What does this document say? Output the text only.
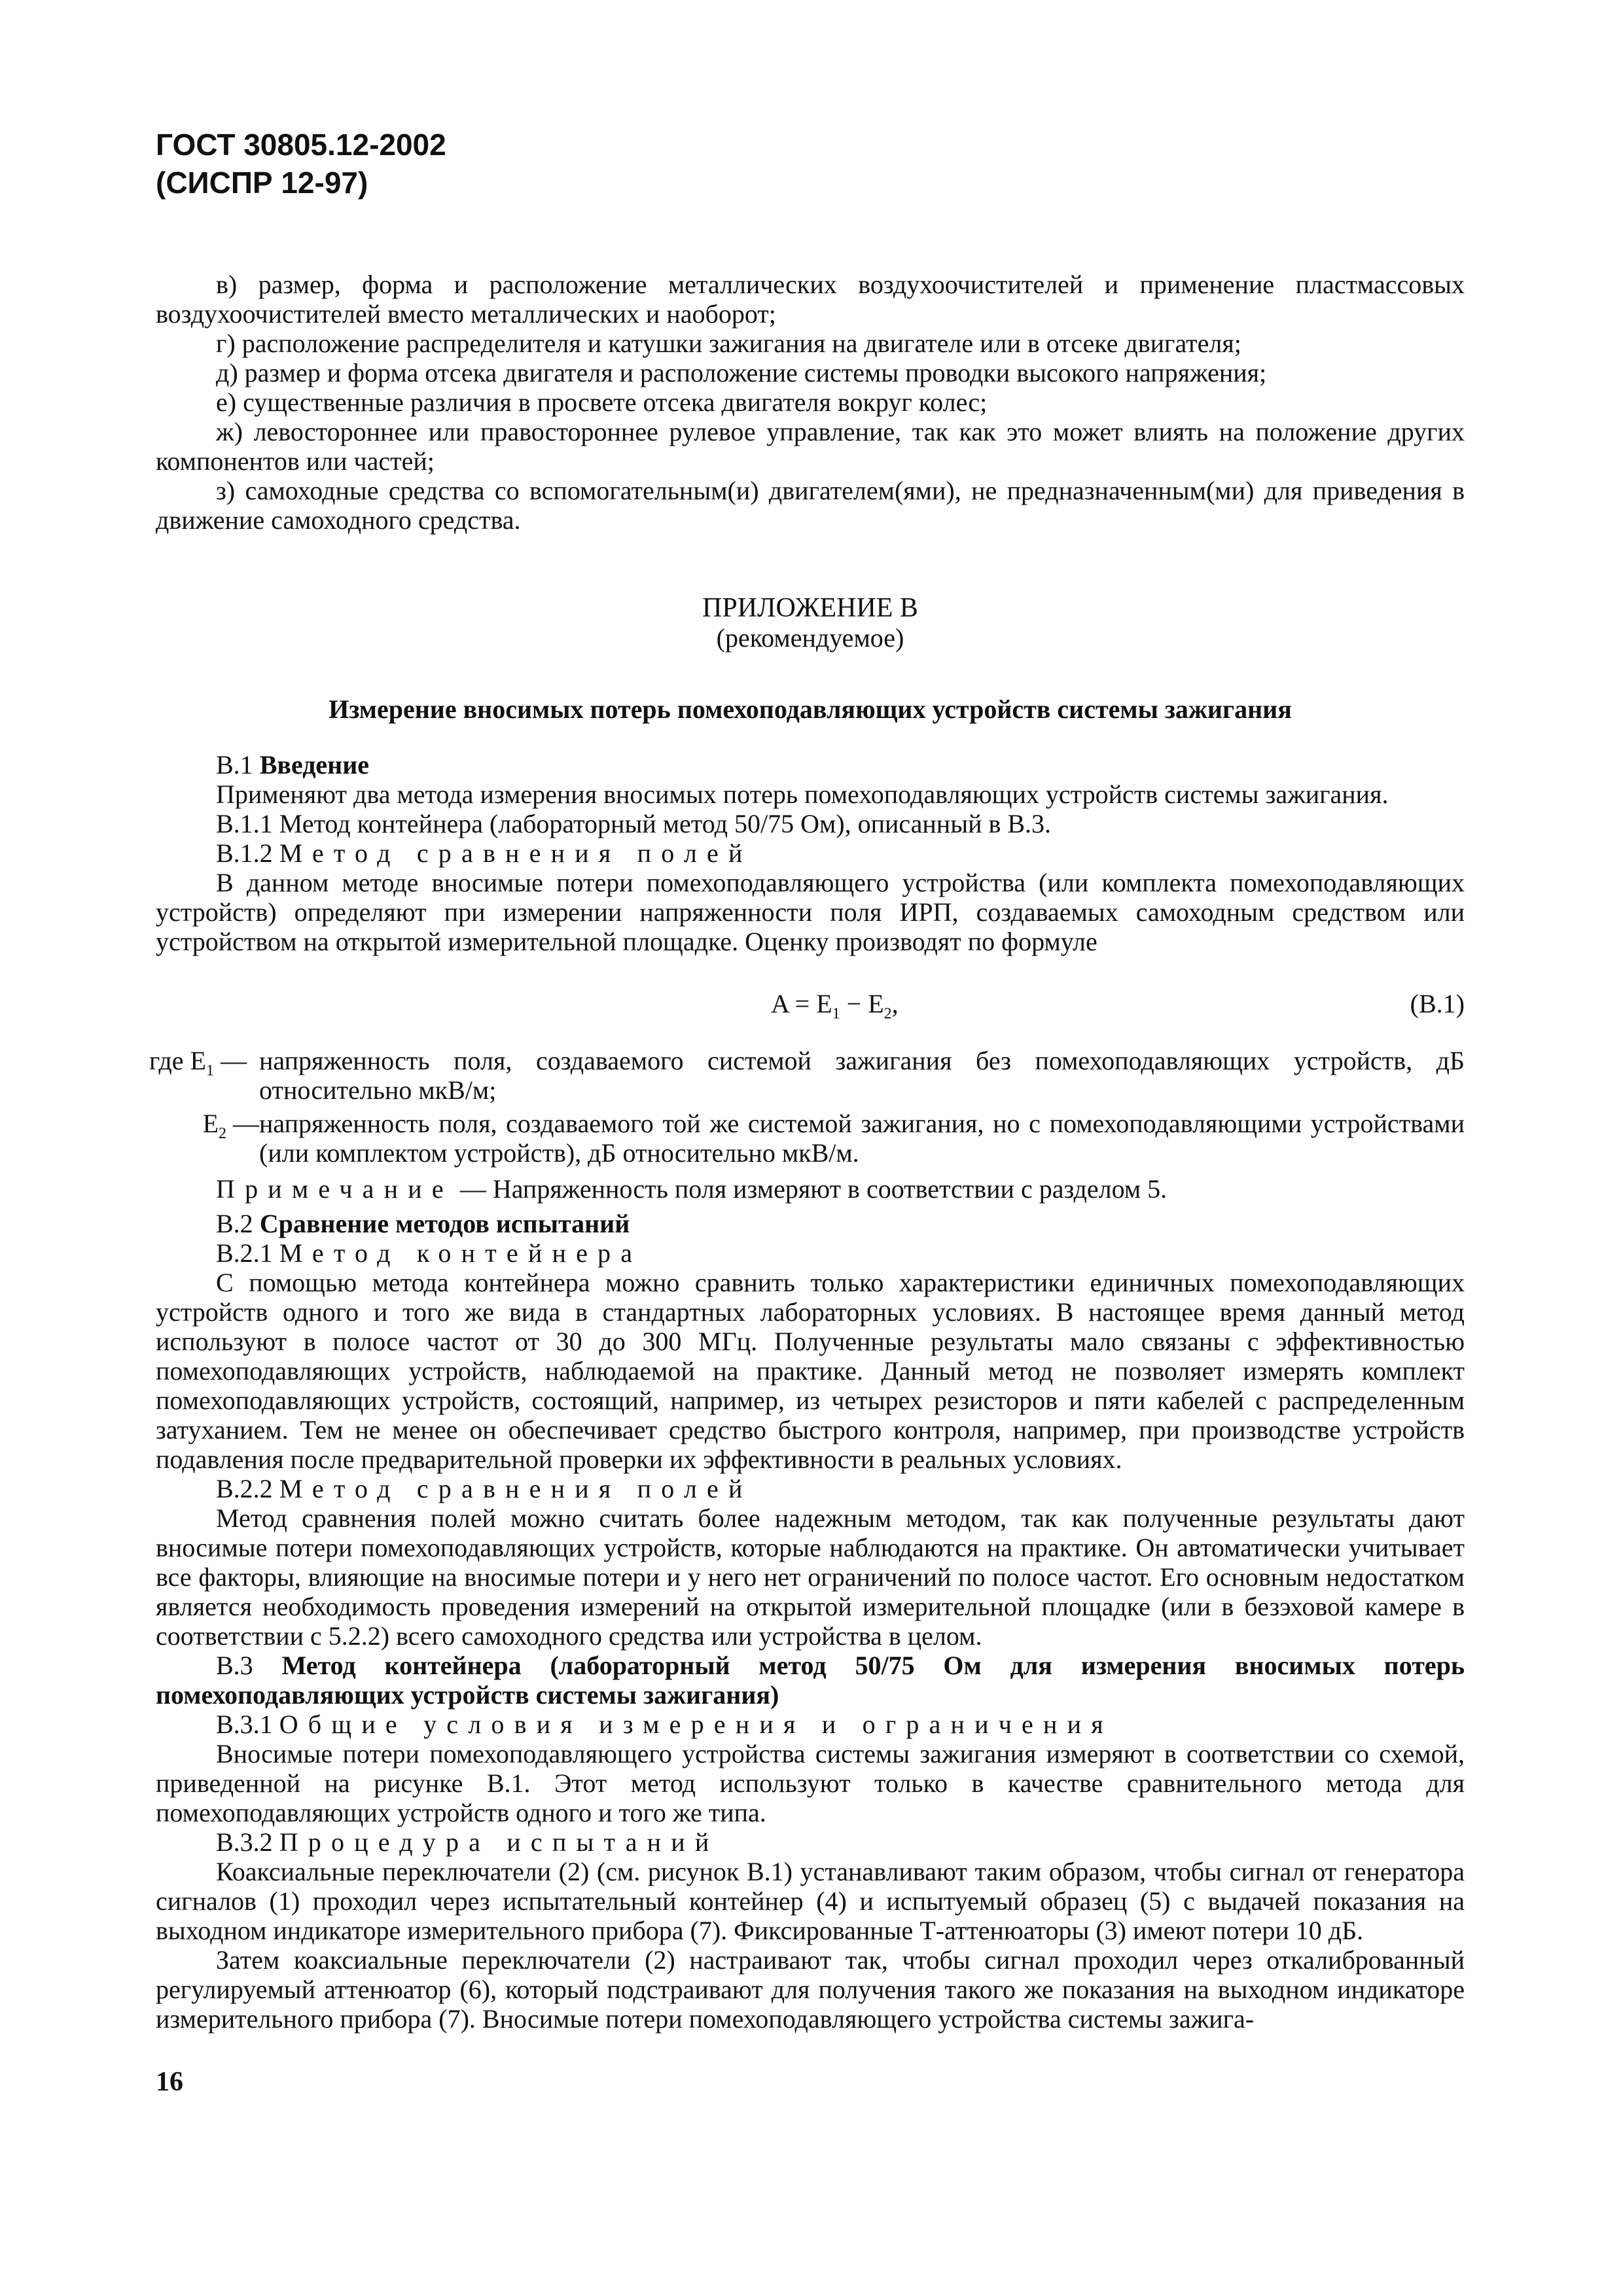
ГОСТ 30805.12-2002
(СИСПР 12-97)

в) размер, форма и расположение металлических воздухоочистителей и применение пластмассовых воздухоочистителей вместо металлических и наоборот;

г) расположение распределителя и катушки зажигания на двигателе или в отсеке двигателя;

д) размер и форма отсека двигателя и расположение системы проводки высокого напряжения;

е) существенные различия в просвете отсека двигателя вокруг колес;

ж) левостороннее или правостороннее рулевое управление, так как это может влиять на положение других компонентов или частей;

з) самоходные средства со вспомогательным(и) двигателем(ями), не предназначенным(ми) для приведения в движение самоходного средства.

ПРИЛОЖЕНИЕ В

(рекомендуемое)

Измерение вносимых потерь помехоподавляющих устройств системы зажигания

В.1 Введение

Применяют два метода измерения вносимых потерь помехоподавляющих устройств системы зажигания.

В.1.1 Метод контейнера (лабораторный метод 50/75 Ом), описанный в В.3.

В.1.2 Метод сравнения полей

В данном методе вносимые потери помехоподавляющего устройства (или комплекта помехоподавляющих устройств) определяют при измерении напряженности поля ИРП, создаваемых самоходным средством или устройством на открытой измерительной площадке. Оценку производят по формуле

$A = E_1 - E_2$,	(В.1)
где $E_1$ — напряженность поля, создаваемого системой зажигания без помехоподавляющих устройств, дБ относительно мкВ/м;
$E_2$ — напряженность поля, создаваемого той же системой зажигания, но с помехоподавляющими устройствами (или комплектом устройств), дБ относительно мкВ/м.

Примечание — Напряженность поля измеряют в соответствии с разделом 5.

В.2 Сравнение методов испытаний

В.2.1 Метод контейнера

С помощью метода контейнера можно сравнить только характеристики единичных помехоподавляющих устройств одного и того же вида в стандартных лабораторных условиях. В настоящее время данный метод используют в полосе частот от 30 до 300 МГц. Полученные результаты мало связаны с эффективностью помехоподавляющих устройств, наблюдаемой на практике. Данный метод не позволяет измерять комплект помехоподавляющих устройств, состоящий, например, из четырех резисторов и пяти кабелей с распределенным затуханием. Тем не менее он обеспечивает средство быстрого контроля, например, при производстве устройств подавления после предварительной проверки их эффективности в реальных условиях.

В.2.2 Метод сравнения полей

Метод сравнения полей можно считать более надежным методом, так как полученные результаты дают вносимые потери помехоподавляющих устройств, которые наблюдаются на практике. Он автоматически учитывает все факторы, влияющие на вносимые потери и у него нет ограничений по полосе частот. Его основным недостатком является необходимость проведения измерений на открытой измерительной площадке (или в безэховой камере в соответствии с 5.2.2) всего самоходного средства или устройства в целом.

В.3 Метод контейнера (лабораторный метод 50/75 Ом для измерения вносимых потерь помехоподавляющих устройств системы зажигания)

В.3.1 Общие условия измерения и ограничения

Вносимые потери помехоподавляющего устройства системы зажигания измеряют в соответствии со схемой, приведенной на рисунке В.1. Этот метод используют только в качестве сравнительного метода для помехоподавляющих устройств одного и того же типа.

В.3.2 Процедура испытаний

Коаксиальные переключатели (2) (см. рисунок В.1) устанавливают таким образом, чтобы сигнал от генератора сигналов (1) проходил через испытательный контейнер (4) и испытуемый образец (5) с выдачей показания на выходном индикаторе измерительного прибора (7). Фиксированные Т-аттенюаторы (3) имеют потери 10 дБ.

Затем коаксиальные переключатели (2) настраивают так, чтобы сигнал проходил через откалиброванный регулируемый аттенюатор (6), который подстраивают для получения такого же показания на выходном индикаторе измерительного прибора (7). Вносимые потери помехоподавляющего устройства системы зажига-

16
